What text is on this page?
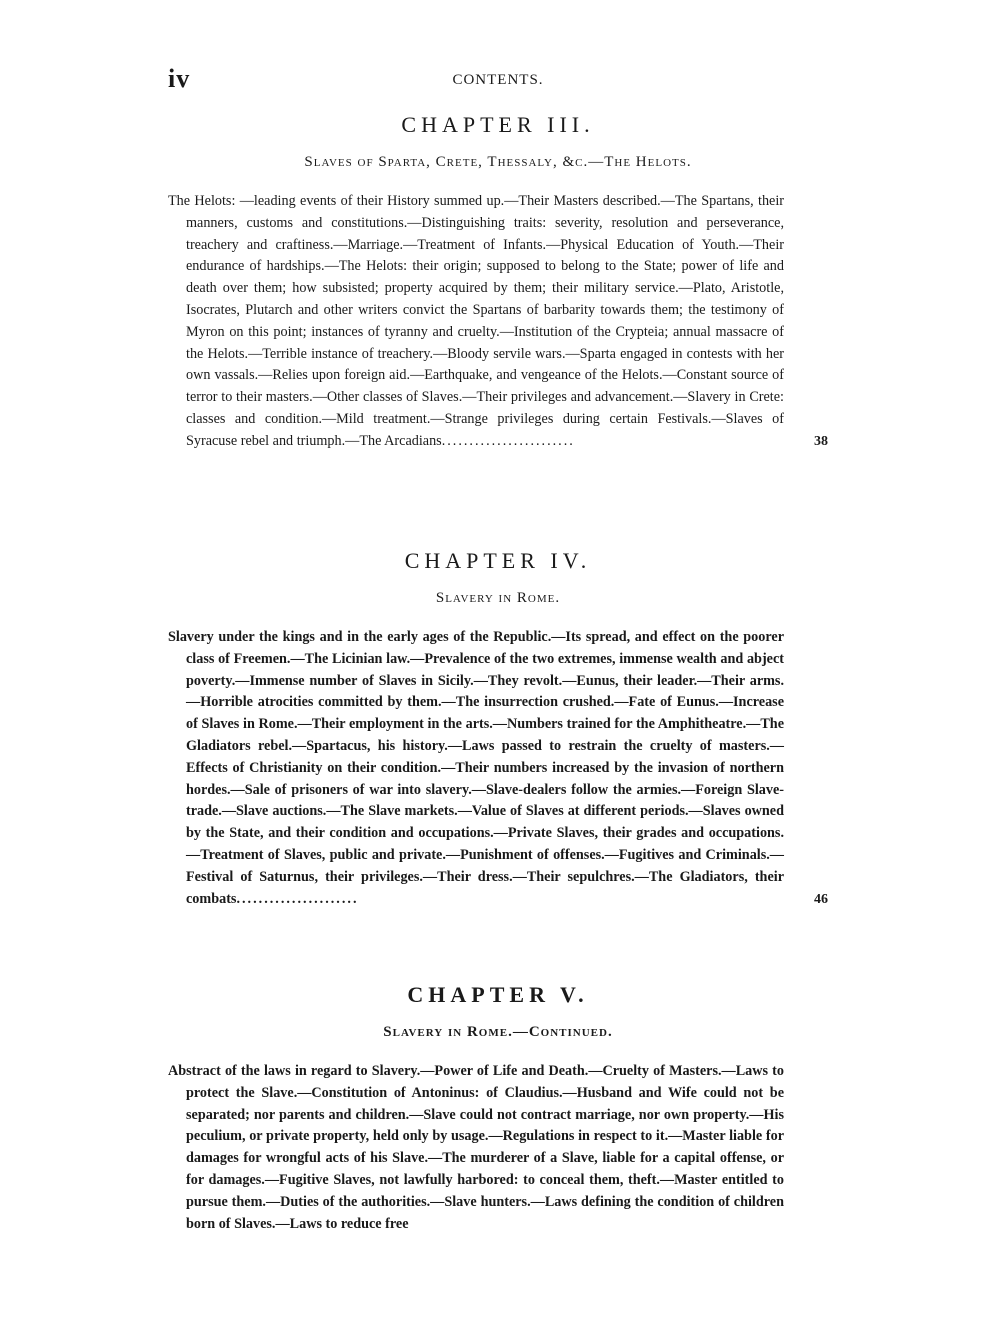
iv	CONTENTS.
CHAPTER III.
Slaves of Sparta, Crete, Thessaly, &c.—The Helots.

The Helots: —leading events of their History summed up.—Their Masters described.—The Spartans, their manners, customs and constitutions.—Distinguishing traits: severity, resolution and perseverance, treachery and craftiness.—Marriage.—Treatment of Infants.—Physical Education of Youth.—Their endurance of hardships.—The Helots: their origin; supposed to belong to the State; power of life and death over them; how subsisted; property acquired by them; their military service.—Plato, Aristotle, Isocrates, Plutarch and other writers convict the Spartans of barbarity towards them; the testimony of Myron on this point; instances of tyranny and cruelty.—Institution of the Crypteia; annual massacre of the Helots.—Terrible instance of treachery.—Bloody servile wars.—Sparta engaged in contests with her own vassals.—Relies upon foreign aid.—Earthquake, and vengeance of the Helots.—Constant source of terror to their masters.—Other classes of Slaves.—Their privileges and advancement.—Slavery in Crete: classes and condition.—Mild treatment.—Strange privileges during certain Festivals.—Slaves of Syracuse rebel and triumph.—The Arcadians........................	38

CHAPTER IV.
Slavery in Rome.

Slavery under the kings and in the early ages of the Republic.—Its spread, and effect on the poorer class of Freemen.—The Licinian law.—Prevalence of the two extremes, immense wealth and abject poverty.—Immense number of Slaves in Sicily.—They revolt.—Eunus, their leader.—Their arms.—Horrible atrocities committed by them.—The insurrection crushed.—Fate of Eunus.—Increase of Slaves in Rome.—Their employment in the arts.—Numbers trained for the Amphitheatre.—The Gladiators rebel.—Spartacus, his history.—Laws passed to restrain the cruelty of masters.—Effects of Christianity on their condition.—Their numbers increased by the invasion of northern hordes.—Sale of prisoners of war into slavery.—Slave-dealers follow the armies.—Foreign Slave-trade.—Slave auctions.—The Slave markets.—Value of Slaves at different periods.—Slaves owned by the State, and their condition and occupations.—Private Slaves, their grades and occupations.—Treatment of Slaves, public and private.—Punishment of offenses.—Fugitives and Criminals.—Festival of Saturnus, their privileges.—Their dress.—Their sepulchres.—The Gladiators, their combats......................	46

CHAPTER V.
Slavery in Rome.—Continued.

Abstract of the laws in regard to Slavery.—Power of Life and Death.—Cruelty of Masters.—Laws to protect the Slave.—Constitution of Antoninus: of Claudius.—Husband and Wife could not be separated; nor parents and children.—Slave could not contract marriage, nor own property.—His peculium, or private property, held only by usage.—Regulations in respect to it.—Master liable for damages for wrongful acts of his Slave.—The murderer of a Slave, liable for a capital offense, or for damages.—Fugitive Slaves, not lawfully harbored: to conceal them, theft.—Master entitled to pursue them.—Duties of the authorities.—Slave hunters.—Laws defining the condition of children born of Slaves.—Laws to reduce free
